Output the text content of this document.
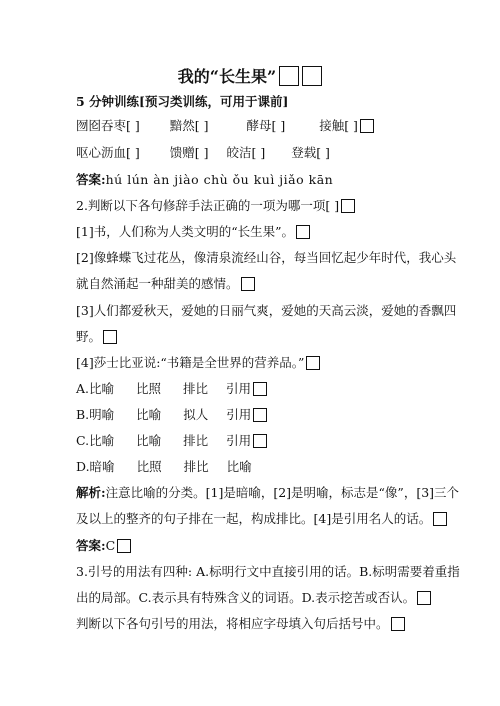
我的“长生果”
5 分钟训练[预习类训练，可用于课前]
囫囵吞枣[ ] 黯然[ ]	酵母[ ]	接触[ ]
呕心沥血[ ] 馈赠[ ] 皎洁[ ] 登载[ ]
答案:hú lún àn jiào chù ǒu kuì jiǎo kān
2.判断以下各句修辞手法正确的一项为哪一项[ ]
[1]书，人们称为人类文明的“长生果”。
[2]像蜂蝶飞过花丛，像清泉流经山谷，每当回忆起少年时代，我心头
就自然涌起一种甜美的感情。
[3]人们都爱秋天，爱她的日丽气爽，爱她的天高云淡，爱她的香飘四
野。
[4]莎士比亚说:“书籍是全世界的营养品。”
A.比喻 比照 排比 引用
B.明喻 比喻 拟人 引用
C.比喻 比喻 排比 引用
D.暗喻 比照 排比 比喻
解析:注意比喻的分类。[1]是暗喻，[2]是明喻，标志是“像”，[3]三个
及以上的整齐的句子排在一起，构成排比。[4]是引用名人的话。
答案:C
3.引号的用法有四种: A.标明行文中直接引用的话。B.标明需要着重指
出的局部。C.表示具有特殊含义的词语。D.表示挖苦或否认。
判断以下各句引号的用法，将相应字母填入句后括号中。
